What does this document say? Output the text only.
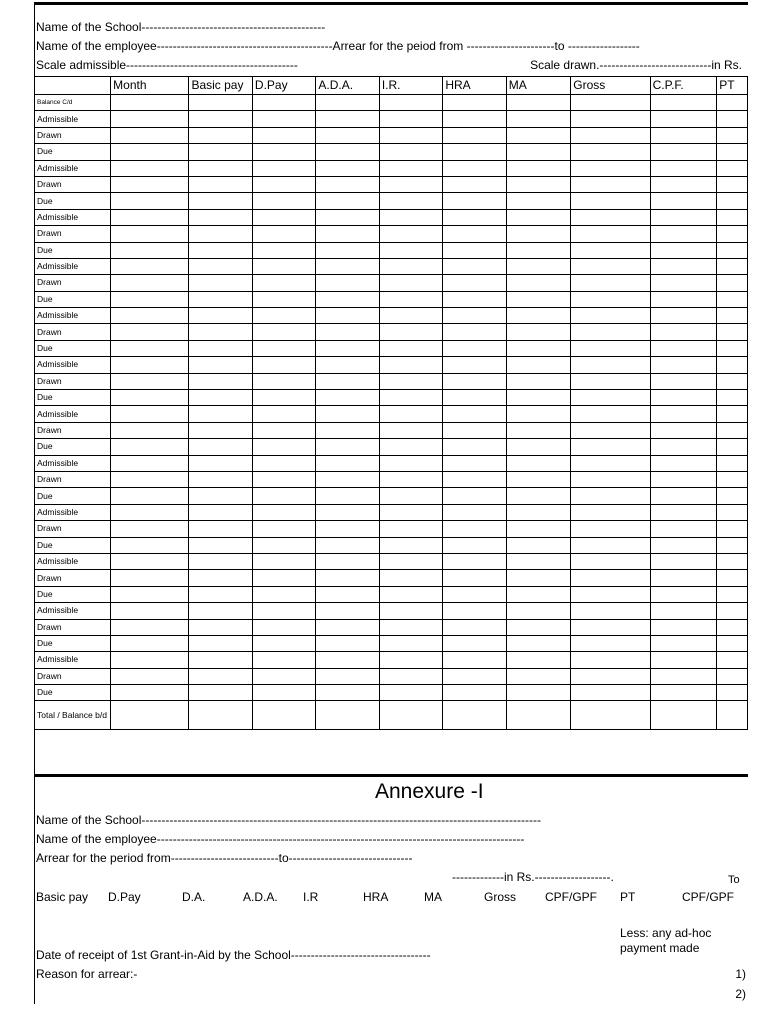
Name of the School----------------------------------------------
Name of the employee--------------------------------------------Arrear for the peiod from ----------------------to ------------------
Scale admissible-------------------------------------------	Scale drawn.----------------------------in Rs.
	Month	Basic pay	D.Pay	A.D.A.	I.R.	HRA	MA	Gross	C.P.F.	PT
Balance C/d										
Admissible										
Drawn										
Due										
Admissible										
Drawn										
Due										
Admissible										
Drawn										
Due										
Admissible										
Drawn										
Due										
Admissible										
Drawn										
Due										
Admissible										
Drawn										
Due										
Admissible										
Drawn										
Due										
Admissible										
Drawn										
Due										
Admissible										
Drawn										
Due										
Admissible										
Drawn										
Due										
Admissible										
Drawn										
Due										
Admissible										
Drawn										
Due										
Total / Balance b/d										
Annexure -I
Name of the School----------------------------------------------------------------------------------------------------
Name of the employee--------------------------------------------------------------------------------------------
Arrear for the period from---------------------------to-------------------------------
-------------in Rs.-------------------.	To
Basic pay D.Pay	D.A.	A.D.A. I.R	HRA	MA	Gross CPF/GPF PT	CPF/GPF
Less: any ad-hoc payment made
Date of receipt of 1st Grant-in-Aid by the School-----------------------------------
Reason for arrear:-	1)
2)
